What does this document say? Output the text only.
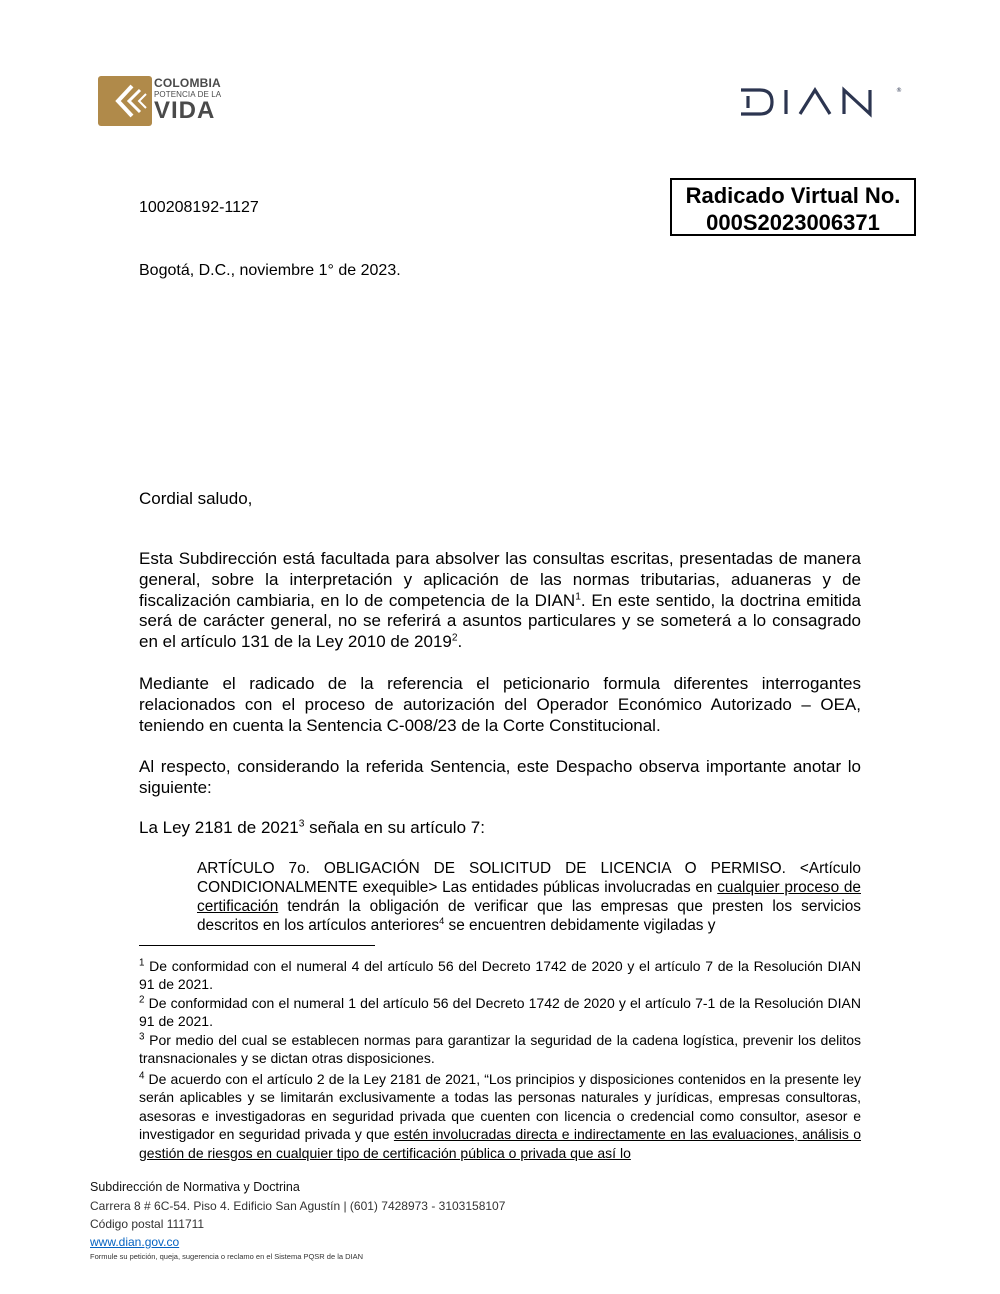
COLOMBIA
POTENCIA DE LA
VIDA
®
Radicado Virtual No.
000S2023006371
100208192-1127
Bogotá, D.C., noviembre 1° de 2023.
Cordial saludo,
Esta Subdirección está facultada para absolver las consultas escritas, presentadas de manera general, sobre la interpretación y aplicación de las normas tributarias, aduaneras y de fiscalización cambiaria, en lo de competencia de la DIAN$^1$. En este sentido, la doctrina emitida será de carácter general, no se referirá a asuntos particulares y se someterá a lo consagrado en el artículo 131 de la Ley 2010 de 2019$^2$.
Mediante el radicado de la referencia el peticionario formula diferentes interrogantes relacionados con el proceso de autorización del Operador Económico Autorizado – OEA, teniendo en cuenta la Sentencia C-008/23 de la Corte Constitucional.
Al respecto, considerando la referida Sentencia, este Despacho observa importante anotar lo siguiente:
La Ley 2181 de 2021$^3$ señala en su artículo 7:
ARTÍCULO 7o. OBLIGACIÓN DE SOLICITUD DE LICENCIA O PERMISO. <Artículo CONDICIONALMENTE exequible> Las entidades públicas involucradas en cualquier proceso de certificación tendrán la obligación de verificar que las empresas que presten los servicios descritos en los artículos anteriores$^4$ se encuentren debidamente vigiladas y
$^1$ De conformidad con el numeral 4 del artículo 56 del Decreto 1742 de 2020 y el artículo 7 de la Resolución DIAN 91 de 2021.
$^2$ De conformidad con el numeral 1 del artículo 56 del Decreto 1742 de 2020 y el artículo 7-1 de la Resolución DIAN 91 de 2021.
$^3$ Por medio del cual se establecen normas para garantizar la seguridad de la cadena logística, prevenir los delitos transnacionales y se dictan otras disposiciones.
$^4$ De acuerdo con el artículo 2 de la Ley 2181 de 2021, “Los principios y disposiciones contenidos en la presente ley serán aplicables y se limitarán exclusivamente a todas las personas naturales y jurídicas, empresas consultoras, asesoras e investigadoras en seguridad privada que cuenten con licencia o credencial como consultor, asesor e investigador en seguridad privada y que estén involucradas directa e indirectamente en las evaluaciones, análisis o gestión de riesgos en cualquier tipo de certificación pública o privada que así lo
Subdirección de Normativa y Doctrina
Carrera 8 # 6C-54. Piso 4. Edificio San Agustín | (601) 7428973 - 3103158107
Código postal 111711
www.dian.gov.co
Formule su petición, queja, sugerencia o reclamo en el Sistema PQSR de la DIAN
